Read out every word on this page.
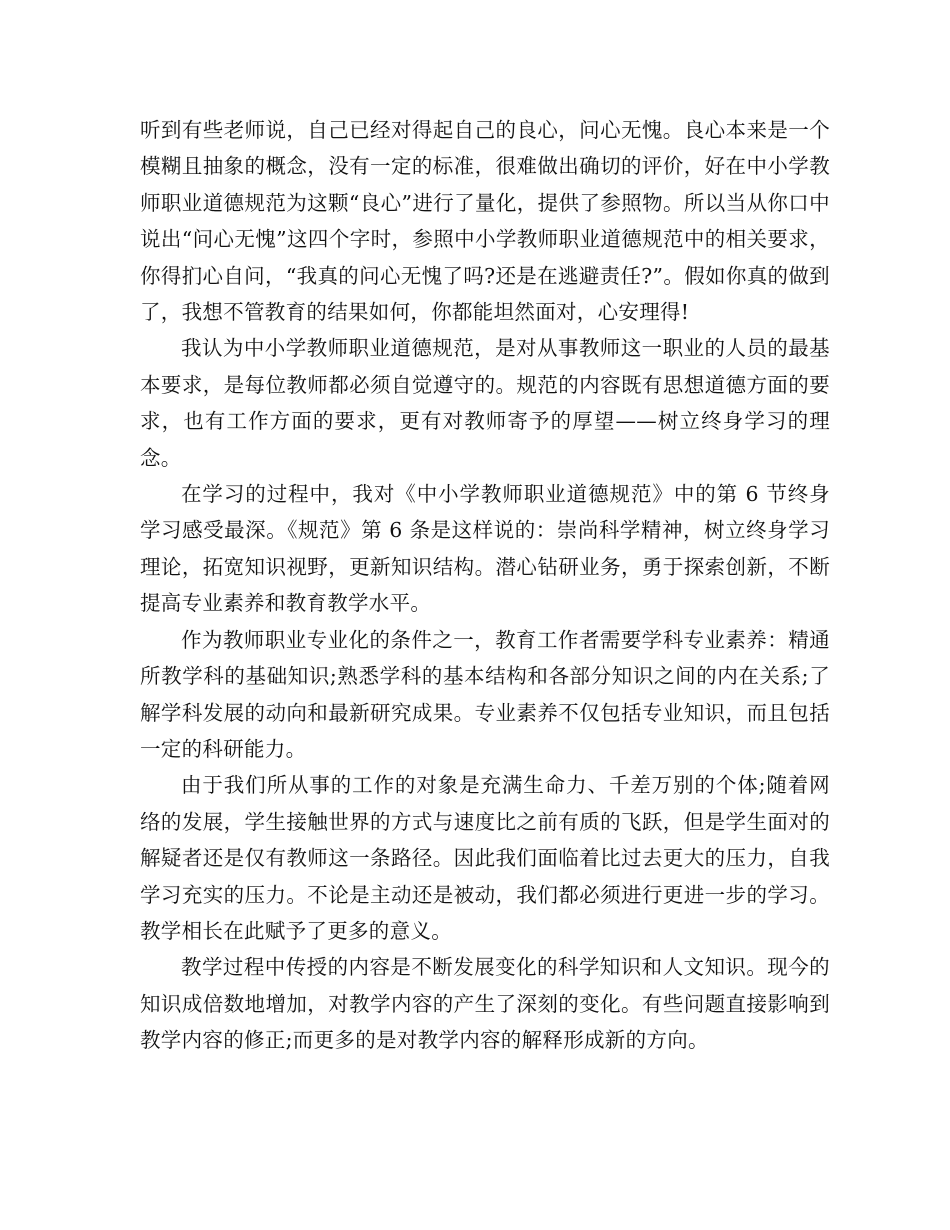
听到有些老师说，自己已经对得起自己的良心，问心无愧。良心本来是一个模糊且抽象的概念，没有一定的标准，很难做出确切的评价，好在中小学教师职业道德规范为这颗“良心”进行了量化，提供了参照物。所以当从你口中说出“问心无愧”这四个字时，参照中小学教师职业道德规范中的相关要求，你得扪心自问，“我真的问心无愧了吗?还是在逃避责任?”。假如你真的做到了，我想不管教育的结果如何，你都能坦然面对，心安理得!

我认为中小学教师职业道德规范，是对从事教师这一职业的人员的最基本要求，是每位教师都必须自觉遵守的。规范的内容既有思想道德方面的要求，也有工作方面的要求，更有对教师寄予的厚望——树立终身学习的理念。

在学习的过程中，我对《中小学教师职业道德规范》中的第 6 节终身学习感受最深。《规范》第 6 条是这样说的：崇尚科学精神，树立终身学习理论，拓宽知识视野，更新知识结构。潜心钻研业务，勇于探索创新，不断提高专业素养和教育教学水平。

作为教师职业专业化的条件之一，教育工作者需要学科专业素养：精通所教学科的基础知识;熟悉学科的基本结构和各部分知识之间的内在关系;了解学科发展的动向和最新研究成果。专业素养不仅包括专业知识，而且包括一定的科研能力。

由于我们所从事的工作的对象是充满生命力、千差万别的个体;随着网络的发展，学生接触世界的方式与速度比之前有质的飞跃，但是学生面对的解疑者还是仅有教师这一条路径。因此我们面临着比过去更大的压力，自我学习充实的压力。不论是主动还是被动，我们都必须进行更进一步的学习。教学相长在此赋予了更多的意义。

教学过程中传授的内容是不断发展变化的科学知识和人文知识。现今的知识成倍数地增加，对教学内容的产生了深刻的变化。有些问题直接影响到教学内容的修正;而更多的是对教学内容的解释形成新的方向。
